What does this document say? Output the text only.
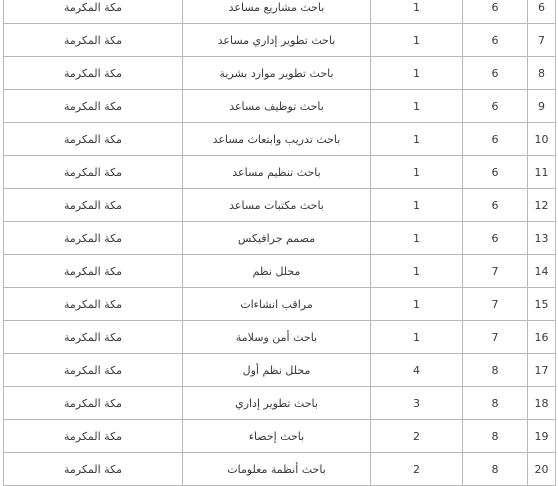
6	6	1	باحث مشاريع مساعد	مكة المكرمة
7	6	1	باحث تطوير إداري مساعد	مكة المكرمة
8	6	1	باحث تطوير موارد بشرية	مكة المكرمة
9	6	1	باحث توظيف مساعد	مكة المكرمة
10	6	1	باحث تدريب وابتعاث مساعد	مكة المكرمة
11	6	1	باحث تنظيم مساعد	مكة المكرمة
12	6	1	باحث مكتبات مساعد	مكة المكرمة
13	6	1	مصمم جرافيكس	مكة المكرمة
14	7	1	محلل نظم	مكة المكرمة
15	7	1	مراقب انشاءات	مكة المكرمة
16	7	1	باحث أمن وسلامة	مكة المكرمة
17	8	4	محلل نظم أول	مكة المكرمة
18	8	3	باحث تطوير إداري	مكة المكرمة
19	8	2	باحث إحصاء	مكة المكرمة
20	8	2	باحث أنظمة معلومات	مكة المكرمة
